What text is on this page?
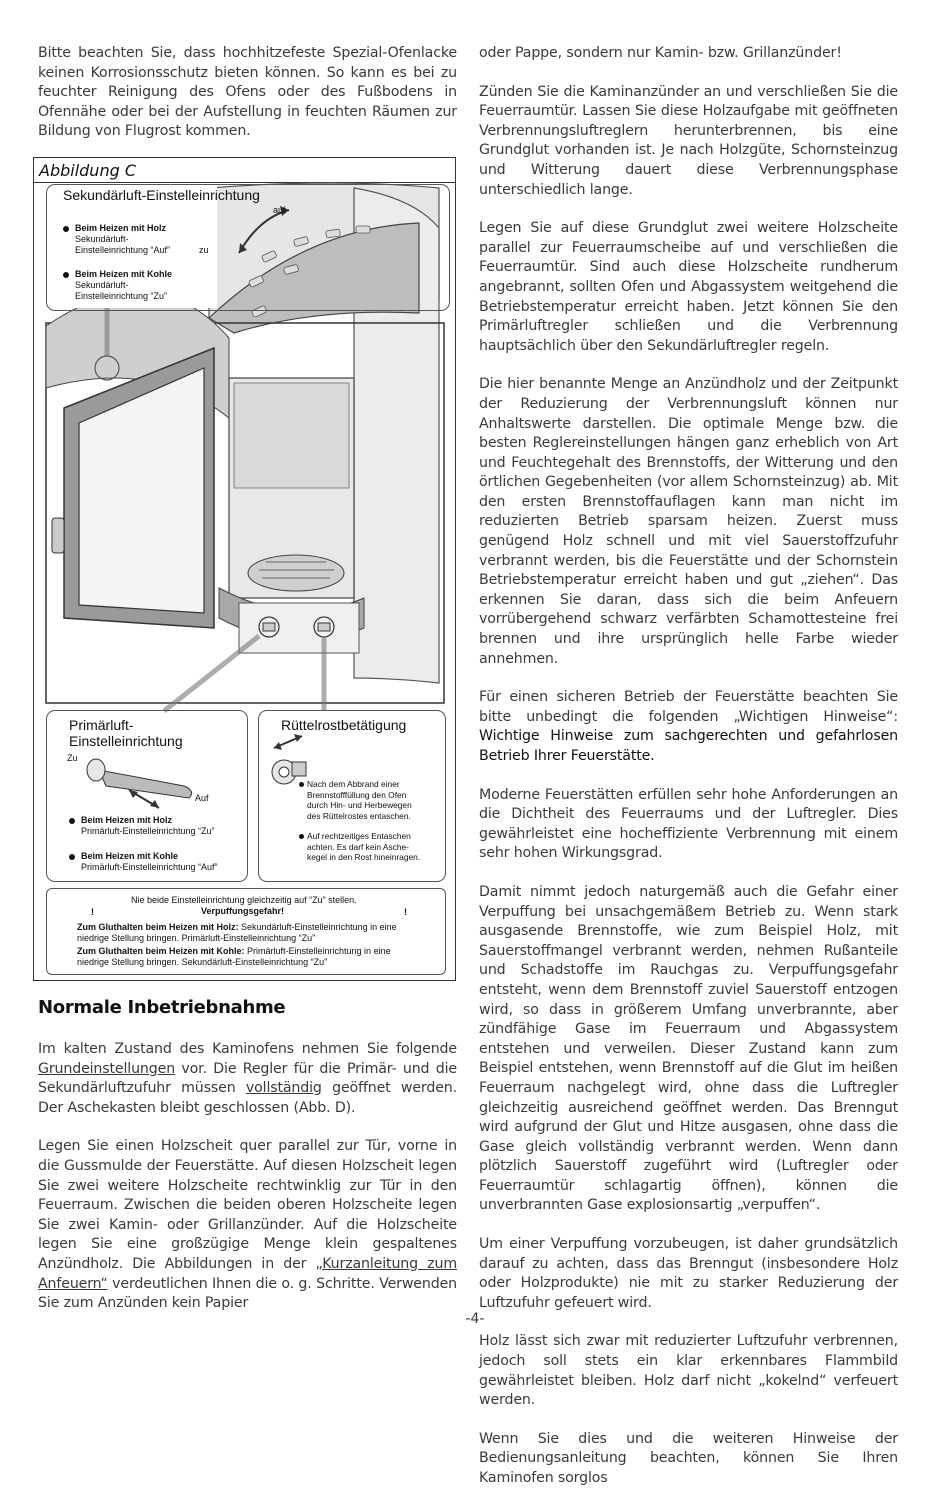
Bitte beachten Sie, dass hochhitzefeste Spezial-Ofenlacke keinen Korrosionsschutz bieten können. So kann es bei zu feuchter Reinigung des Ofens oder des Fußbodens in Ofennähe oder bei der Aufstellung in feuchten Räumen zur Bildung von Flugrost kommen.

Abbildung C
Sekundärluft-Einstelleinrichtung
auf
zu
Beim Heizen mit Holz
Sekundärluft-
Einstelleinrichtung “Auf”
Beim Heizen mit Kohle
Sekundärluft-
Einstelleinrichtung “Zu”
Primärluft-
Einstelleinrichtung
Zu
Auf
Beim Heizen mit Holz
Primärluft-Einstelleinrichtung “Zu”
Beim Heizen mit Kohle
Primärluft-Einstelleinrichtung “Auf”
Rüttelrostbetätigung
Nach dem Abbrand einer
Brennstofffüllung den Ofen
durch Hin- und Herbewegen
des Rüttelrostes entaschen.
Auf rechtzeitiges Entaschen
achten. Es darf kein Asche-
kegel in den Rost hineinragen.
!	!
Nie beide Einstelleinrichtung gleichzeitig auf “Zu” stellen.
Verpuffungsgefahr!
Zum Gluthalten beim Heizen mit Holz: Sekundärluft-Einstelleinrichtung in eine
niedrige Stellung bringen. Primärluft-Einstelleinrichtung “Zu”
Zum Gluthalten beim Heizen mit Kohle: Primärluft-Einstelleinrichtung in eine
niedrige Stellung bringen. Sekundärluft-Einstelleinrichtung “Zu”
Normale Inbetriebnahme

Im kalten Zustand des Kaminofens nehmen Sie folgende Grundeinstellungen vor. Die Regler für die Primär- und die Sekundärluftzufuhr müssen vollständig geöffnet werden. Der Aschekasten bleibt geschlossen (Abb. D).

Legen Sie einen Holzscheit quer parallel zur Tür, vorne in die Gussmulde der Feuerstätte. Auf diesen Holzscheit legen Sie zwei weitere Holzscheite rechtwinklig zur Tür in den Feuerraum. Zwischen die beiden oberen Holzscheite legen Sie zwei Kamin- oder Grillanzünder. Auf die Holzscheite legen Sie eine großzügige Menge klein gespaltenes Anzündholz. Die Abbildungen in der „Kurzanleitung zum Anfeuern“ verdeutlichen Ihnen die o. g. Schritte. Verwenden Sie zum Anzünden kein Papier

oder Pappe, sondern nur Kamin- bzw. Grillanzünder!

Zünden Sie die Kaminanzünder an und verschließen Sie die Feuerraumtür. Lassen Sie diese Holzaufgabe mit geöffneten Verbrennungsluftreglern herunterbrennen, bis eine Grundglut vorhanden ist. Je nach Holzgüte, Schornsteinzug und Witterung dauert diese Verbrennungsphase unterschiedlich lange.

Legen Sie auf diese Grundglut zwei weitere Holzscheite parallel zur Feuerraumscheibe auf und verschließen die Feuerraumtür. Sind auch diese Holzscheite rundherum angebrannt, sollten Ofen und Abgassystem weitgehend die Betriebstemperatur erreicht haben. Jetzt können Sie den Primärluftregler schließen und die Verbrennung hauptsächlich über den Sekundärluftregler regeln.

Die hier benannte Menge an Anzündholz und der Zeitpunkt der Reduzierung der Verbrennungsluft können nur Anhaltswerte darstellen. Die optimale Menge bzw. die besten Reglereinstellungen hängen ganz erheblich von Art und Feuchtegehalt des Brennstoffs, der Witterung und den örtlichen Gegebenheiten (vor allem Schornsteinzug) ab. Mit den ersten Brennstoffauflagen kann man nicht im reduzierten Betrieb sparsam heizen. Zuerst muss genügend Holz schnell und mit viel Sauerstoffzufuhr verbrannt werden, bis die Feuerstätte und der Schornstein Betriebstemperatur erreicht haben und gut „ziehen“. Das erkennen Sie daran, dass sich die beim Anfeuern vorrübergehend schwarz verfärbten Schamottesteine frei brennen und ihre ursprünglich helle Farbe wieder annehmen.

Für einen sicheren Betrieb der Feuerstätte beachten Sie bitte unbedingt die folgenden „Wichtigen Hinweise“: Wichtige Hinweise zum sachgerechten und gefahrlosen Betrieb Ihrer Feuerstätte.

Moderne Feuerstätten erfüllen sehr hohe Anforderungen an die Dichtheit des Feuerraums und der Luftregler. Dies gewährleistet eine hocheffiziente Verbrennung mit einem sehr hohen Wirkungsgrad.

Damit nimmt jedoch naturgemäß auch die Gefahr einer Verpuffung bei unsachgemäßem Betrieb zu. Wenn stark ausgasende Brennstoffe, wie zum Beispiel Holz, mit Sauerstoffmangel verbrannt werden, nehmen Rußanteile und Schadstoffe im Rauchgas zu. Verpuffungsgefahr entsteht, wenn dem Brennstoff zuviel Sauerstoff entzogen wird, so dass in größerem Umfang unverbrannte, aber zündfähige Gase im Feuerraum und Abgassystem entstehen und verweilen. Dieser Zustand kann zum Beispiel entstehen, wenn Brennstoff auf die Glut im heißen Feuerraum nachgelegt wird, ohne dass die Luftregler gleichzeitig ausreichend geöffnet werden. Das Brenngut wird aufgrund der Glut und Hitze ausgasen, ohne dass die Gase gleich vollständig verbrannt werden. Wenn dann plötzlich Sauerstoff zugeführt wird (Luftregler oder Feuerraumtür schlagartig öffnen), können die unverbrannten Gase explosionsartig „verpuffen“.

Um einer Verpuffung vorzubeugen, ist daher grundsätzlich darauf zu achten, dass das Brenngut (insbesondere Holz oder Holzprodukte) nie mit zu starker Reduzierung der Luftzufuhr gefeuert wird.

Holz lässt sich zwar mit reduzierter Luftzufuhr verbrennen, jedoch soll stets ein klar erkennbares Flammbild gewährleistet bleiben. Holz darf nicht „kokelnd“ verfeuert werden.

Wenn Sie dies und die weiteren Hinweise der Bedienungsanleitung beachten, können Sie Ihren Kaminofen sorglos

-4-
